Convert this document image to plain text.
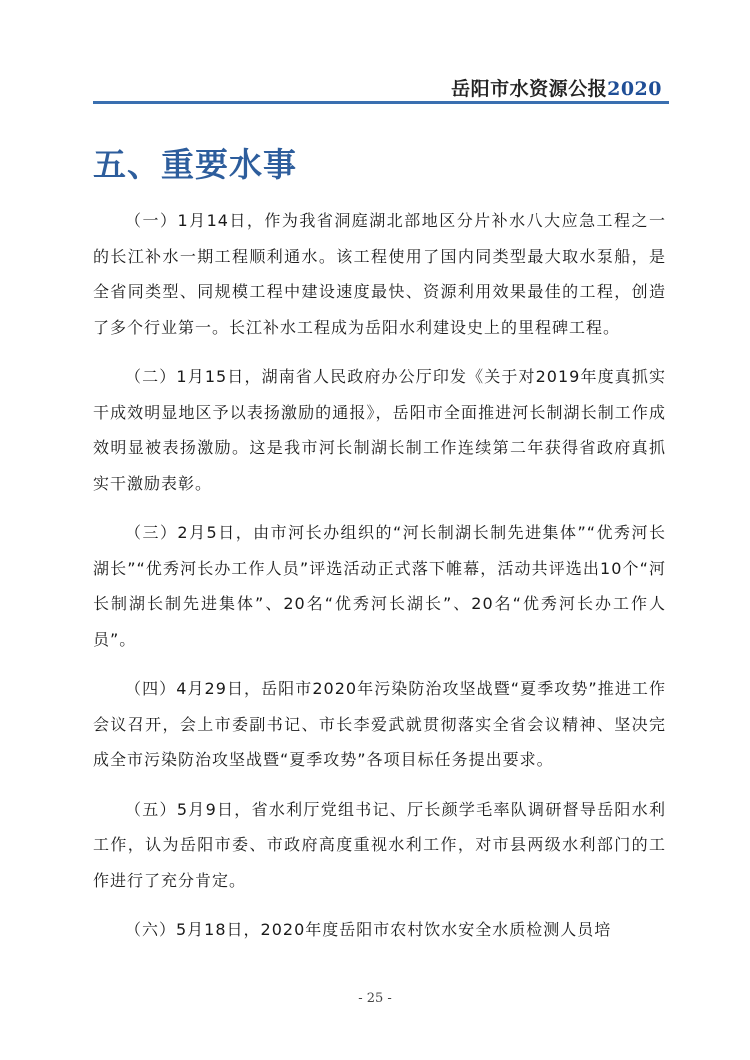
岳阳市水资源公报2020
五、重要水事

（一）1月14日，作为我省洞庭湖北部地区分片补水八大应急工程之一的长江补水一期工程顺利通水。该工程使用了国内同类型最大取水泵船，是全省同类型、同规模工程中建设速度最快、资源利用效果最佳的工程，创造了多个行业第一。长江补水工程成为岳阳水利建设史上的里程碑工程。

（二）1月15日，湖南省人民政府办公厅印发《关于对2019年度真抓实干成效明显地区予以表扬激励的通报》，岳阳市全面推进河长制湖长制工作成效明显被表扬激励。这是我市河长制湖长制工作连续第二年获得省政府真抓实干激励表彰。

（三）2月5日，由市河长办组织的“河长制湖长制先进集体”“优秀河长湖长”“优秀河长办工作人员”评选活动正式落下帷幕，活动共评选出10个“河长制湖长制先进集体”、20名“优秀河长湖长”、20名“优秀河长办工作人员”。

（四）4月29日，岳阳市2020年污染防治攻坚战暨“夏季攻势”推进工作会议召开，会上市委副书记、市长李爱武就贯彻落实全省会议精神、坚决完成全市污染防治攻坚战暨“夏季攻势”各项目标任务提出要求。

（五）5月9日，省水利厅党组书记、厅长颜学毛率队调研督导岳阳水利工作，认为岳阳市委、市政府高度重视水利工作，对市县两级水利部门的工作进行了充分肯定。

（六）5月18日，2020年度岳阳市农村饮水安全水质检测人员培

- 25 -
